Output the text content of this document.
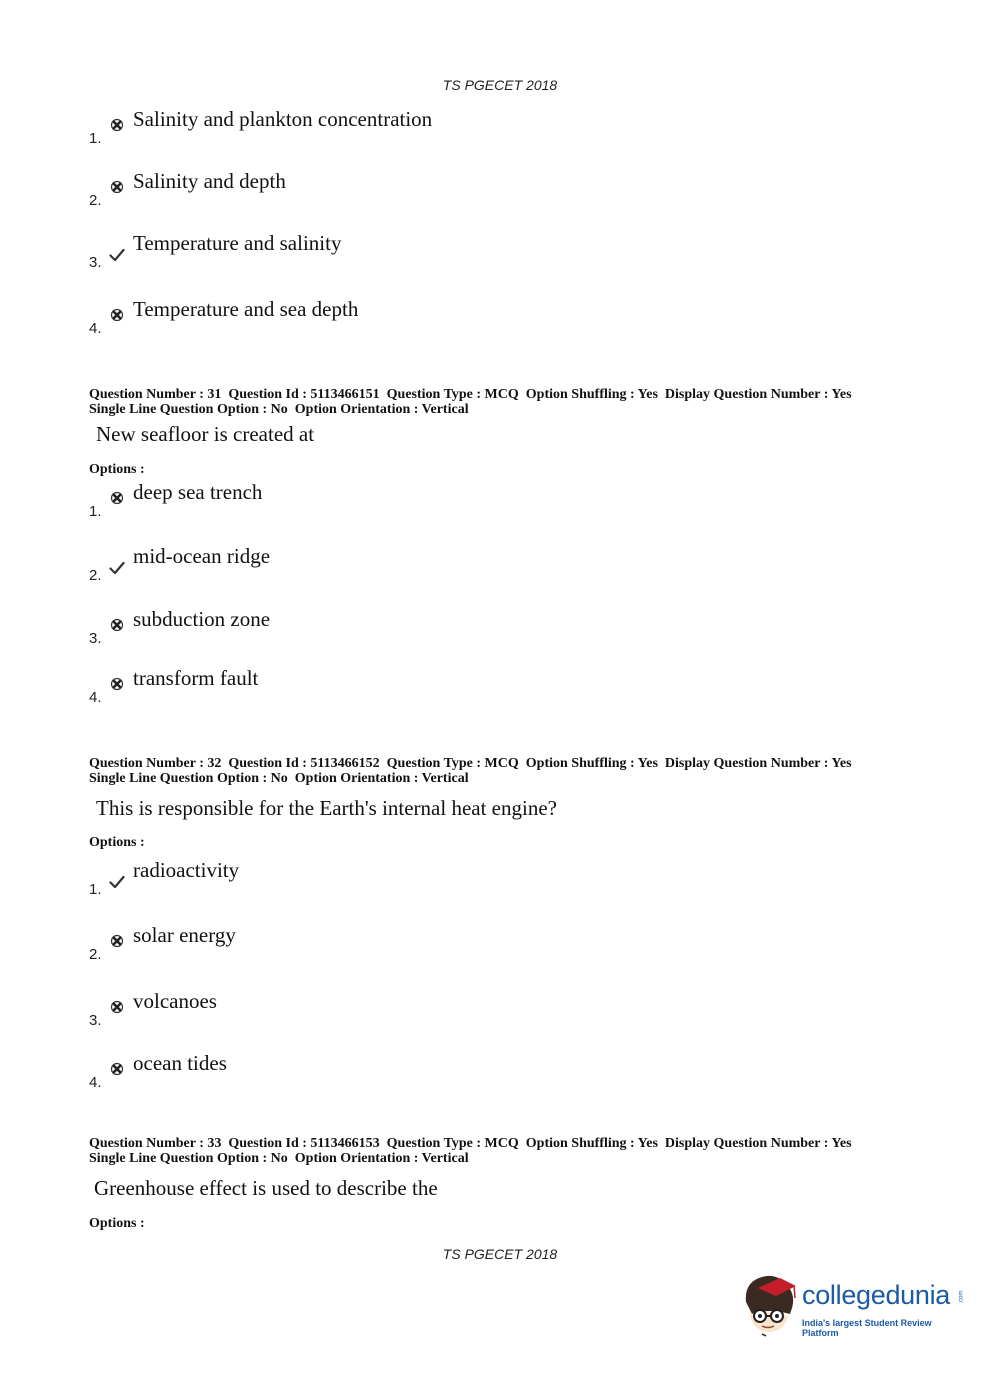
TS PGECET 2018
1.
Salinity and plankton concentration
2.
Salinity and depth
3.
Temperature and salinity
4.
Temperature and sea depth
Question Number : 31 Question Id : 5113466151 Question Type : MCQ Option Shuffling : Yes Display Question Number : Yes
Single Line Question Option : No Option Orientation : Vertical
New seafloor is created at
Options :
1.
deep sea trench
2.
mid-ocean ridge
3.
subduction zone
4.
transform fault
Question Number : 32 Question Id : 5113466152 Question Type : MCQ Option Shuffling : Yes Display Question Number : Yes
Single Line Question Option : No Option Orientation : Vertical
This is responsible for the Earth's internal heat engine?
Options :
1.
radioactivity
2.
solar energy
3.
volcanoes
4.
ocean tides
Question Number : 33 Question Id : 5113466153 Question Type : MCQ Option Shuffling : Yes Display Question Number : Yes
Single Line Question Option : No Option Orientation : Vertical
Greenhouse effect is used to describe the
Options :
TS PGECET 2018
collegedunia .com
India's largest Student Review Platform
